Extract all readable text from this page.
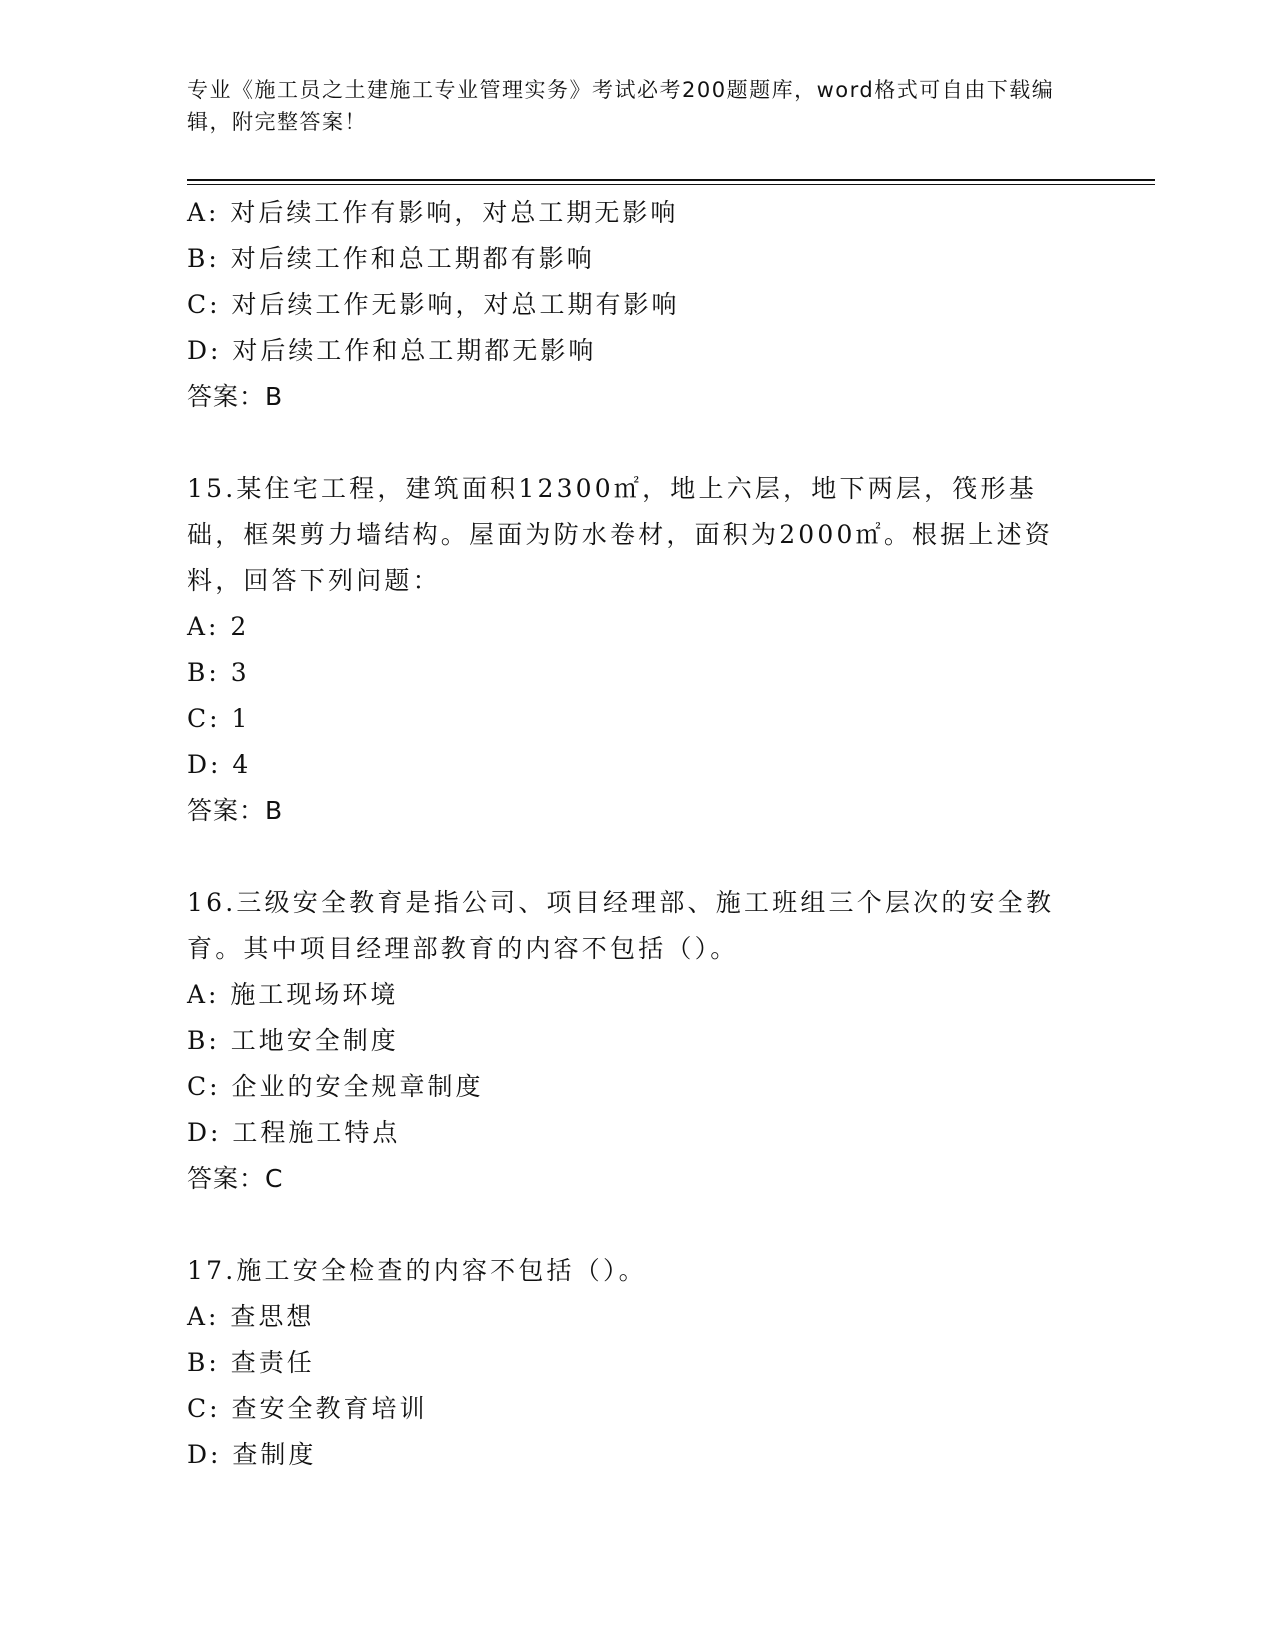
专业《施工员之土建施工专业管理实务》考试必考200题题库，word格式可自由下载编辑，附完整答案！
A: 对后续工作有影响，对总工期无影响
B: 对后续工作和总工期都有影响
C: 对后续工作无影响，对总工期有影响
D: 对后续工作和总工期都无影响
答案：B
15.某住宅工程，建筑面积12300㎡，地上六层，地下两层，筏形基础，框架剪力墙结构。屋面为防水卷材，面积为2000㎡。根据上述资料，回答下列问题：
A: 2
B: 3
C: 1
D: 4
答案：B
16.三级安全教育是指公司、项目经理部、施工班组三个层次的安全教育。其中项目经理部教育的内容不包括（）。
A: 施工现场环境
B: 工地安全制度
C: 企业的安全规章制度
D: 工程施工特点
答案：C
17.施工安全检查的内容不包括（）。
A: 查思想
B: 查责任
C: 查安全教育培训
D: 查制度
